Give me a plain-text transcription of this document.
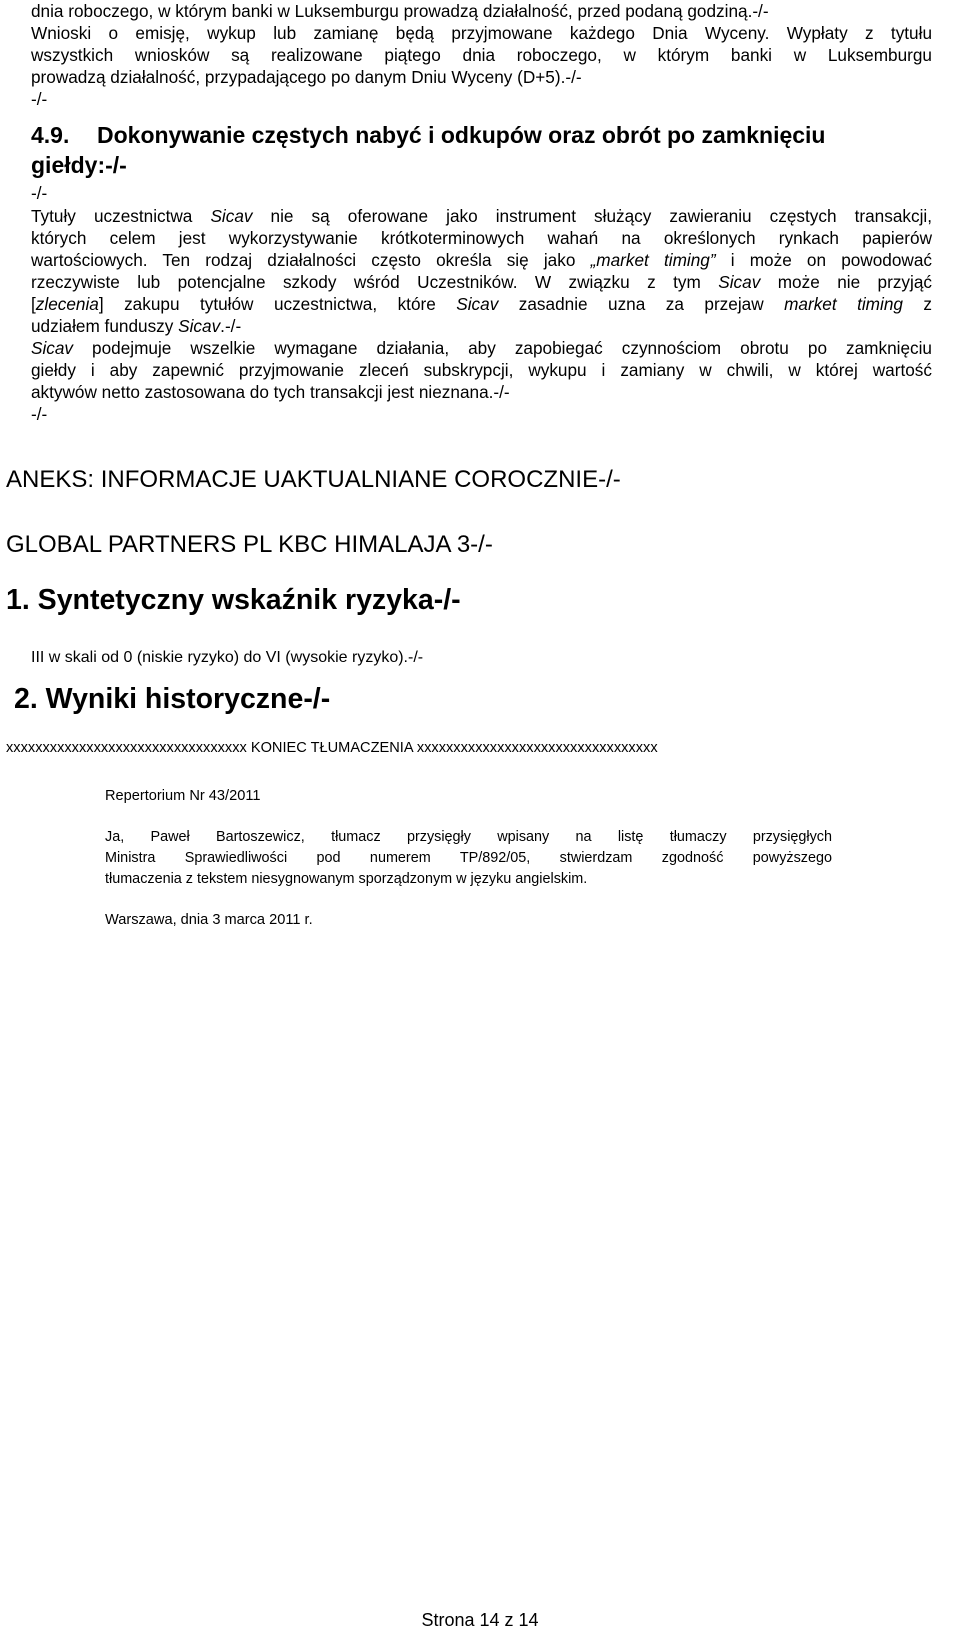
dnia roboczego, w którym banki w Luksemburgu prowadzą działalność, przed podaną godziną.-/-
Wnioski o emisję, wykup lub zamianę będą przyjmowane każdego Dnia Wyceny. Wypłaty z tytułu
wszystkich wniosków są realizowane piątego dnia roboczego, w którym banki w Luksemburgu
prowadzą działalność, przypadającego po danym Dniu Wyceny (D+5).-/-
-/-
4.9. Dokonywanie częstych nabyć i odkupów oraz obrót po zamknięciu
giełdy:-/-
-/-
Tytuły uczestnictwa Sicav nie są oferowane jako instrument służący zawieraniu częstych transakcji,
których celem jest wykorzystywanie krótkoterminowych wahań na określonych rynkach papierów
wartościowych. Ten rodzaj działalności często określa się jako „market timing” i może on powodować
rzeczywiste lub potencjalne szkody wśród Uczestników. W związku z tym Sicav może nie przyjąć
[zlecenia] zakupu tytułów uczestnictwa, które Sicav zasadnie uzna za przejaw market timing z
udziałem funduszy Sicav.-/-
Sicav podejmuje wszelkie wymagane działania, aby zapobiegać czynnościom obrotu po zamknięciu
giełdy i aby zapewnić przyjmowanie zleceń subskrypcji, wykupu i zamiany w chwili, w której wartość
aktywów netto zastosowana do tych transakcji jest nieznana.-/-
-/-
ANEKS: INFORMACJE UAKTUALNIANE COROCZNIE-/-
GLOBAL PARTNERS PL KBC HIMALAJA 3-/-
1. Syntetyczny wskaźnik ryzyka-/-
III w skali od 0 (niskie ryzyko) do VI (wysokie ryzyko).-/-
2. Wyniki historyczne-/-
xxxxxxxxxxxxxxxxxxxxxxxxxxxxxxxxx KONIEC TŁUMACZENIA xxxxxxxxxxxxxxxxxxxxxxxxxxxxxxxxx
Repertorium Nr 43/2011
Ja, Paweł Bartoszewicz, tłumacz przysięgły wpisany na listę tłumaczy przysięgłych
Ministra Sprawiedliwości pod numerem TP/892/05, stwierdzam zgodność powyższego
tłumaczenia z tekstem niesygnowanym sporządzonym w języku angielskim.
Warszawa, dnia 3 marca 2011 r.
Strona 14 z 14
